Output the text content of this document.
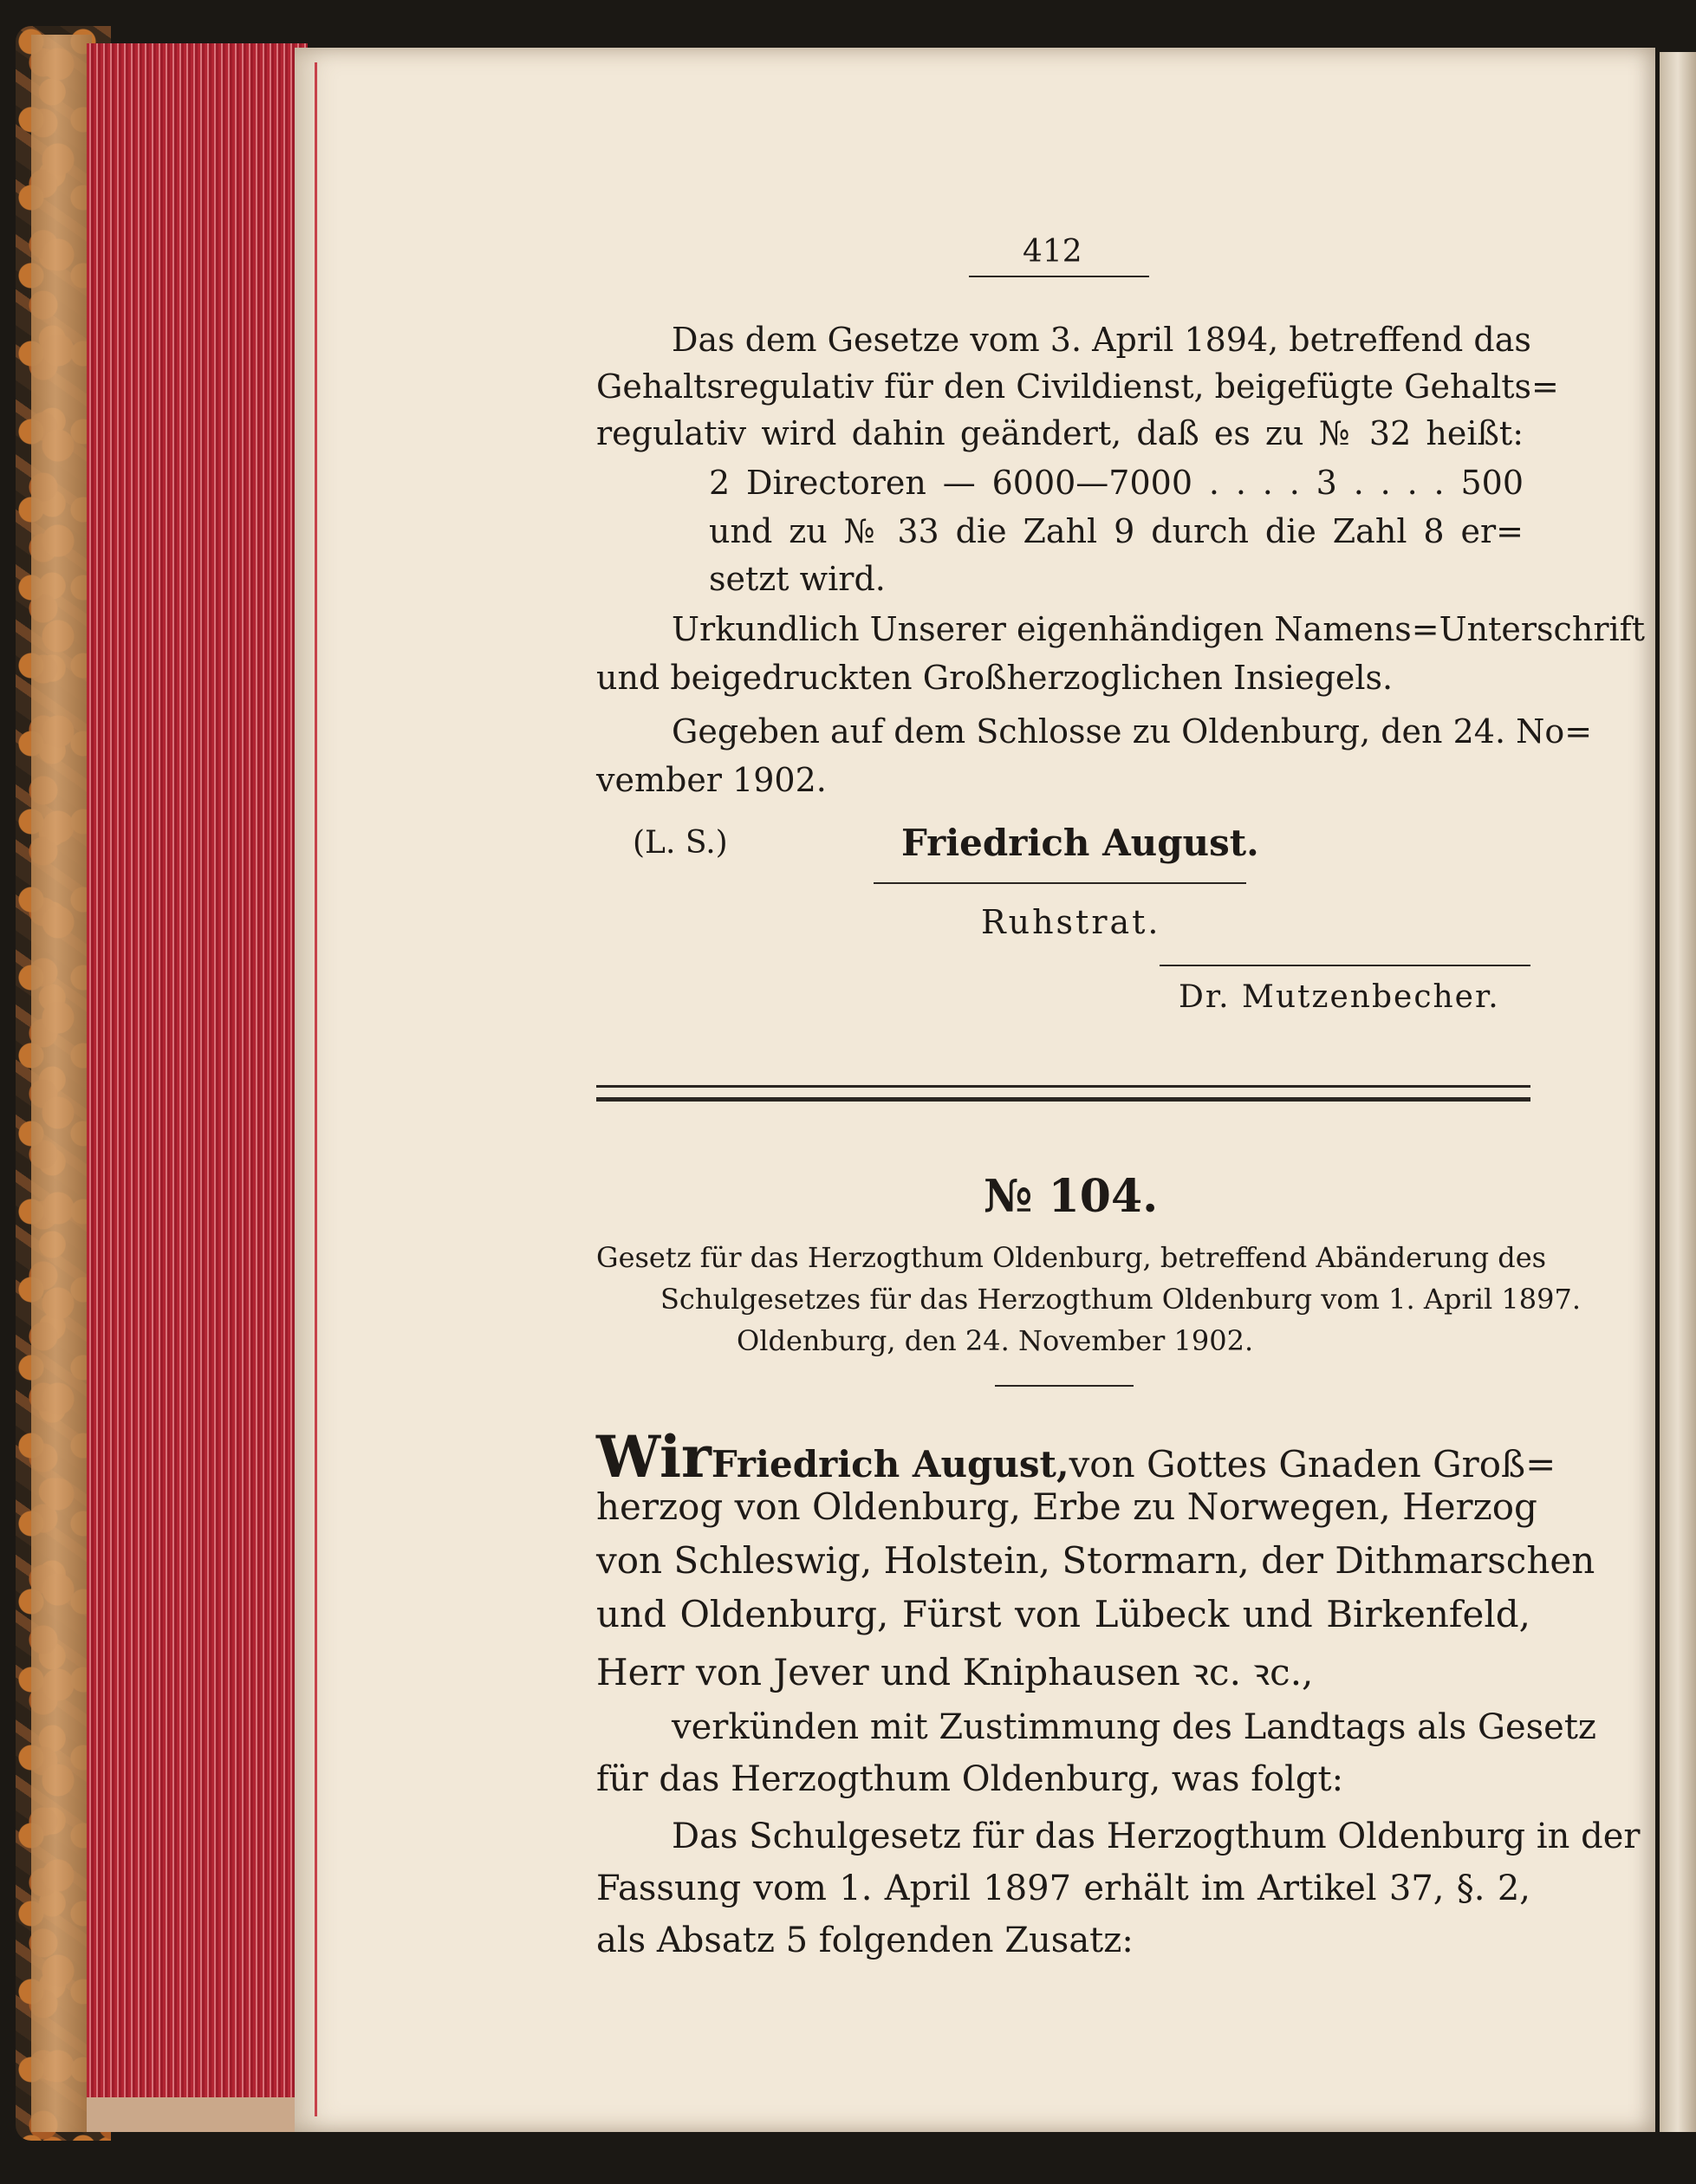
412
Das dem Gesetze vom 3. April 1894, betreffend das
Gehaltsregulativ für den Civildienst, beigefügte Gehalts=
regulativ wird dahin geändert, daß es zu № 32 heißt:
2 Directoren — 6000—7000 . . . . 3 . . . . 500
und zu № 33 die Zahl 9 durch die Zahl 8 er=
setzt wird.
Urkundlich Unserer eigenhändigen Namens=Unterschrift
und beigedruckten Großherzoglichen Insiegels.
Gegeben auf dem Schlosse zu Oldenburg, den 24. No=
vember 1902.
(L. S.)	Friedrich August.
Ruhstrat.
Dr. Mutzenbecher.
№ 104.
Gesetz für das Herzogthum Oldenburg, betreffend Abänderung des
Schulgesetzes für das Herzogthum Oldenburg vom 1. April 1897.
Oldenburg, den 24. November 1902.
Wir Friedrich August, von Gottes Gnaden Groß=
herzog von Oldenburg, Erbe zu Norwegen, Herzog
von Schleswig, Holstein, Stormarn, der Dithmarschen
und Oldenburg, Fürst von Lübeck und Birkenfeld,
Herr von Jever und Kniphausen ꝛc. ꝛc.,
verkünden mit Zustimmung des Landtags als Gesetz
für das Herzogthum Oldenburg, was folgt:
Das Schulgesetz für das Herzogthum Oldenburg in der
Fassung vom 1. April 1897 erhält im Artikel 37, §. 2,
als Absatz 5 folgenden Zusatz:
